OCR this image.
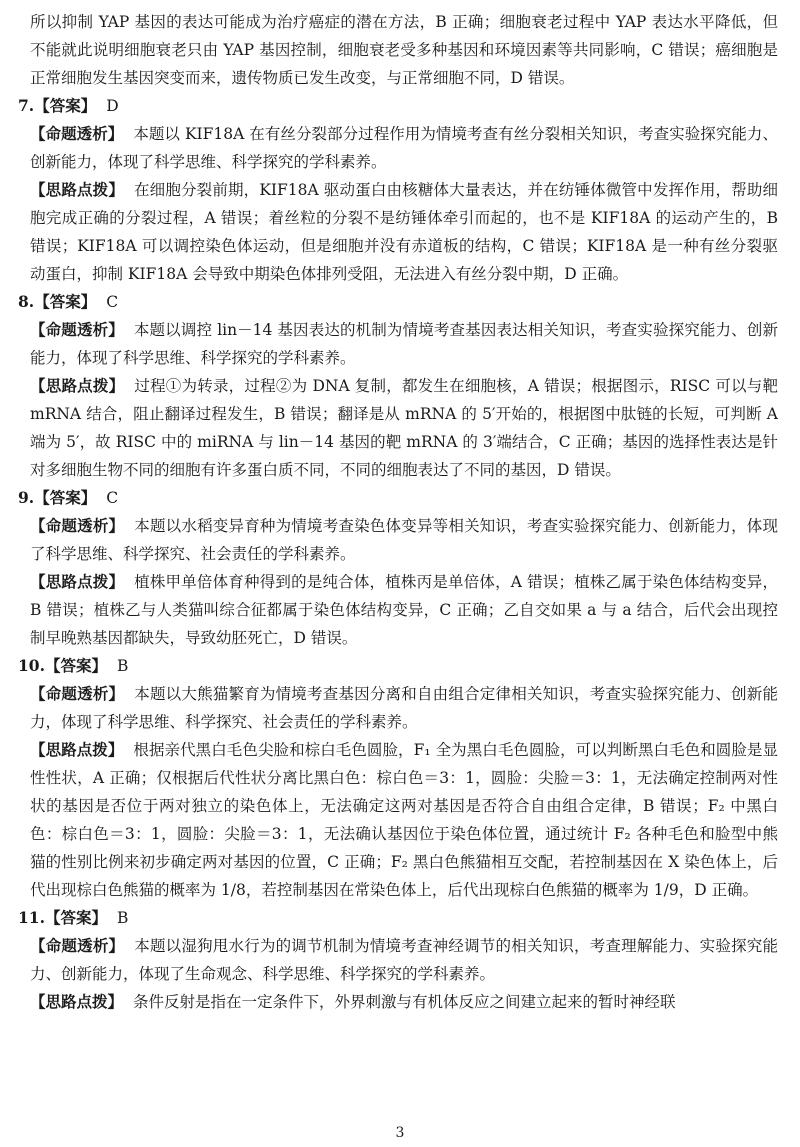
所以抑制 YAP 基因的表达可能成为治疗癌症的潜在方法，B 正确；细胞衰老过程中 YAP 表达水平降低，但不能就此说明细胞衰老只由 YAP 基因控制，细胞衰老受多种基因和环境因素等共同影响，C 错误；癌细胞是正常细胞发生基因突变而来，遗传物质已发生改变，与正常细胞不同，D 错误。
7.【答案】 D
【命题透析】 本题以 KIF18A 在有丝分裂部分过程作用为情境考查有丝分裂相关知识，考查实验探究能力、创新能力，体现了科学思维、科学探究的学科素养。
【思路点拨】 在细胞分裂前期，KIF18A 驱动蛋白由核糖体大量表达，并在纺锤体微管中发挥作用，帮助细胞完成正确的分裂过程，A 错误；着丝粒的分裂不是纺锤体牵引而起的，也不是 KIF18A 的运动产生的，B 错误；KIF18A 可以调控染色体运动，但是细胞并没有赤道板的结构，C 错误；KIF18A 是一种有丝分裂驱动蛋白，抑制 KIF18A 会导致中期染色体排列受阻，无法进入有丝分裂中期，D 正确。
8.【答案】 C
【命题透析】 本题以调控 lin－14 基因表达的机制为情境考查基因表达相关知识，考查实验探究能力、创新能力，体现了科学思维、科学探究的学科素养。
【思路点拨】 过程①为转录，过程②为 DNA 复制，都发生在细胞核，A 错误；根据图示，RISC 可以与靶 mRNA 结合，阻止翻译过程发生，B 错误；翻译是从 mRNA 的 5′开始的，根据图中肽链的长短，可判断 A 端为 5′，故 RISC 中的 miRNA 与 lin－14 基因的靶 mRNA 的 3′端结合，C 正确；基因的选择性表达是针对多细胞生物不同的细胞有许多蛋白质不同，不同的细胞表达了不同的基因，D 错误。
9.【答案】 C
【命题透析】 本题以水稻变异育种为情境考查染色体变异等相关知识，考查实验探究能力、创新能力，体现了科学思维、科学探究、社会责任的学科素养。
【思路点拨】 植株甲单倍体育种得到的是纯合体，植株丙是单倍体，A 错误；植株乙属于染色体结构变异，B 错误；植株乙与人类猫叫综合征都属于染色体结构变异，C 正确；乙自交如果 a 与 a 结合，后代会出现控制早晚熟基因都缺失，导致幼胚死亡，D 错误。
10.【答案】 B
【命题透析】 本题以大熊猫繁育为情境考查基因分离和自由组合定律相关知识，考查实验探究能力、创新能力，体现了科学思维、科学探究、社会责任的学科素养。
【思路点拨】 根据亲代黑白毛色尖脸和棕白毛色圆脸，F₁ 全为黑白毛色圆脸，可以判断黑白毛色和圆脸是显性性状，A 正确；仅根据后代性状分离比黑白色：棕白色＝3：1，圆脸：尖脸＝3：1，无法确定控制两对性状的基因是否位于两对独立的染色体上，无法确定这两对基因是否符合自由组合定律，B 错误；F₂ 中黑白色：棕白色＝3：1，圆脸：尖脸＝3：1，无法确认基因位于染色体位置，通过统计 F₂ 各种毛色和脸型中熊猫的性别比例来初步确定两对基因的位置，C 正确；F₂ 黑白色熊猫相互交配，若控制基因在 X 染色体上，后代出现棕白色熊猫的概率为 1/8，若控制基因在常染色体上，后代出现棕白色熊猫的概率为 1/9，D 正确。
11.【答案】 B
【命题透析】 本题以湿狗甩水行为的调节机制为情境考查神经调节的相关知识，考查理解能力、实验探究能力、创新能力，体现了生命观念、科学思维、科学探究的学科素养。
【思路点拨】 条件反射是指在一定条件下，外界刺激与有机体反应之间建立起来的暂时神经联
3
